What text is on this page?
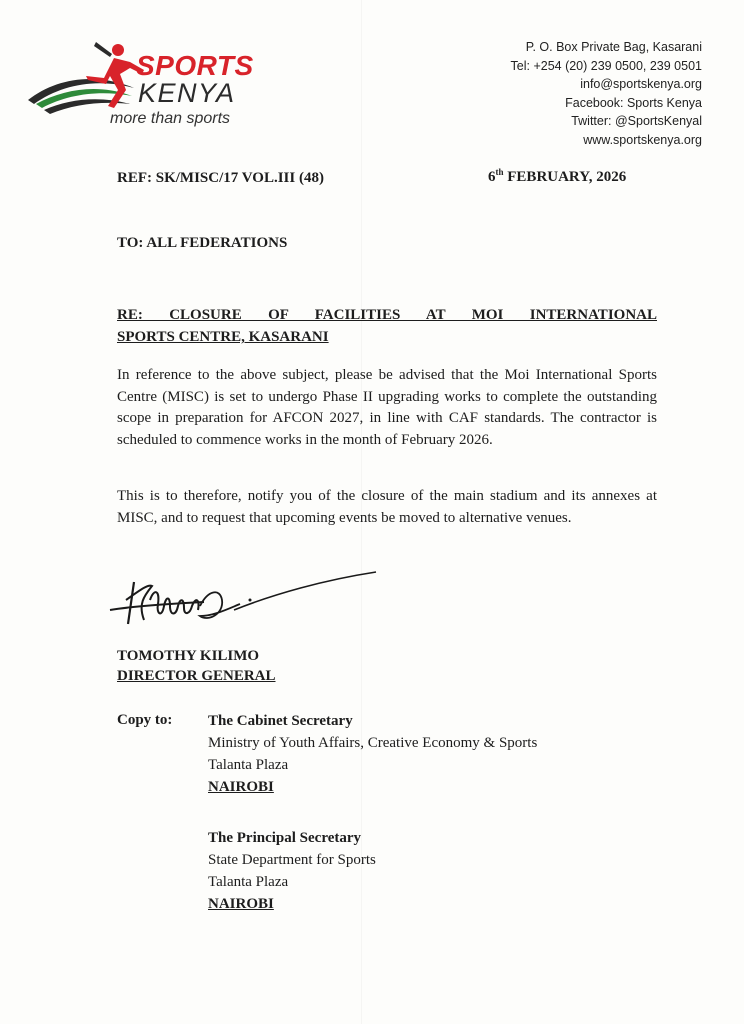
SPORTS
KENYA
more than sports
P. O. Box Private Bag, Kasarani
Tel: +254 (20) 239 0500, 239 0501
info@sportskenya.org
Facebook: Sports Kenya
Twitter: @SportsKenyal
www.sportskenya.org
REF: SK/MISC/17 VOL.III (48)	6th FEBRUARY, 2026
TO: ALL FEDERATIONS
RE: CLOSURE OF FACILITIES AT MOI INTERNATIONAL
SPORTS CENTRE, KASARANI
In reference to the above subject, please be advised that the Moi International Sports Centre (MISC) is set to undergo Phase II upgrading works to complete the outstanding scope in preparation for AFCON 2027, in line with CAF standards. The contractor is scheduled to commence works in the month of February 2026.
This is to therefore, notify you of the closure of the main stadium and its annexes at MISC, and to request that upcoming events be moved to alternative venues.
TOMOTHY KILIMO
DIRECTOR GENERAL
Copy to: The Cabinet Secretary
Ministry of Youth Affairs, Creative Economy & Sports
Talanta Plaza
NAIROBI
The Principal Secretary
State Department for Sports
Talanta Plaza
NAIROBI
